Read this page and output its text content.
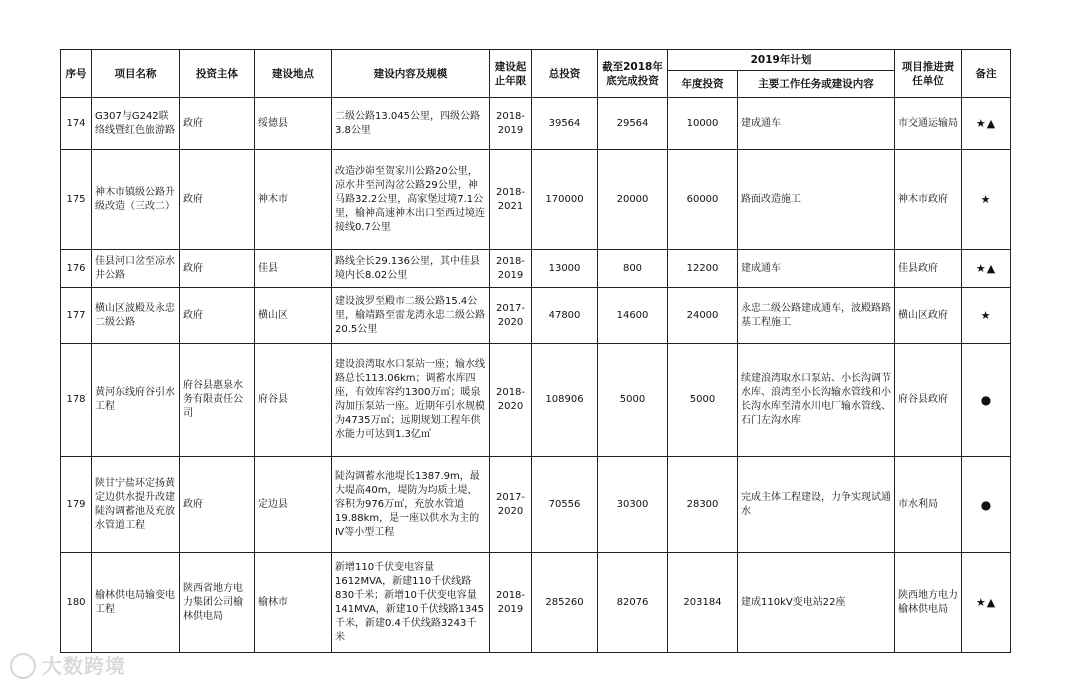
序号	项目名称	投资主体	建设地点	建设内容及规模	建设起止年限	总投资	截至2018年底完成投资	2019年计划		项目推进责任单位	备注
								年度投资	主要工作任务或建设内容		
174	G307与G242联络线暨红色旅游路	政府	绥德县	二级公路13.045公里，四级公路3.8公里	2018-2019	39564	29564	10000	建成通车	市交通运输局	★▲
175	神木市镇级公路升级改造（三改二）	政府	神木市	改造沙峁至贺家川公路20公里，凉水井至河沟岔公路29公里，神马路32.2公里，高家堡过境7.1公里，榆神高速神木出口至西过境连接线0.7公里	2018-2021	170000	20000	60000	路面改造施工	神木市政府	★
176	佳县河口岔至凉水井公路	政府	佳县	路线全长29.136公里，其中佳县境内长8.02公里	2018-2019	13000	800	12200	建成通车	佳县政府	★▲
177	横山区波殿及永忠二级公路	政府	横山区	建设波罗至殿市二级公路15.4公里，榆靖路至雷龙湾永忠二级公路20.5公里	2017-2020	47800	14600	24000	永忠二级公路建成通车，波殿路路基工程施工	横山区政府	★
178	黄河东线府谷引水工程	府谷县惠泉水务有限责任公司	府谷县	建设浪湾取水口泵站一座；输水线路总长113.06km；调蓄水库四座，有效库容约1300万㎥；暖泉沟加压泵站一座。近期年引水规模为4735万㎥；远期规划工程年供水能力可达到1.3亿㎥	2018-2020	108906	5000	5000	续建浪湾取水口泵站、小长沟调节水库、浪湾至小长沟输水管线和小长沟水库至清水川电厂输水管线、石门左沟水库	府谷县政府	●
179	陕甘宁盐环定扬黄定边供水提升改建陡沟调蓄池及充放水管道工程	政府	定边县	陡沟调蓄水池堤长1387.9m，最大堤高40m，堤防为均质土堤，容积为976万㎥，充放水管道19.88km，是一座以供水为主的Ⅳ等小型工程	2017-2020	70556	30300	28300	完成主体工程建设，力争实现试通水	市水利局	●
180	榆林供电局输变电工程	陕西省地方电力集团公司榆林供电局	榆林市	新增110千伏变电容量1612MVA，新建110千伏线路830千米；新增10千伏变电容量141MVA，新建10千伏线路1345千米，新建0.4千伏线路3243千米	2018-2019	285260	82076	203184	建成110kV变电站22座	陕西地方电力榆林供电局	★▲
大数跨境
